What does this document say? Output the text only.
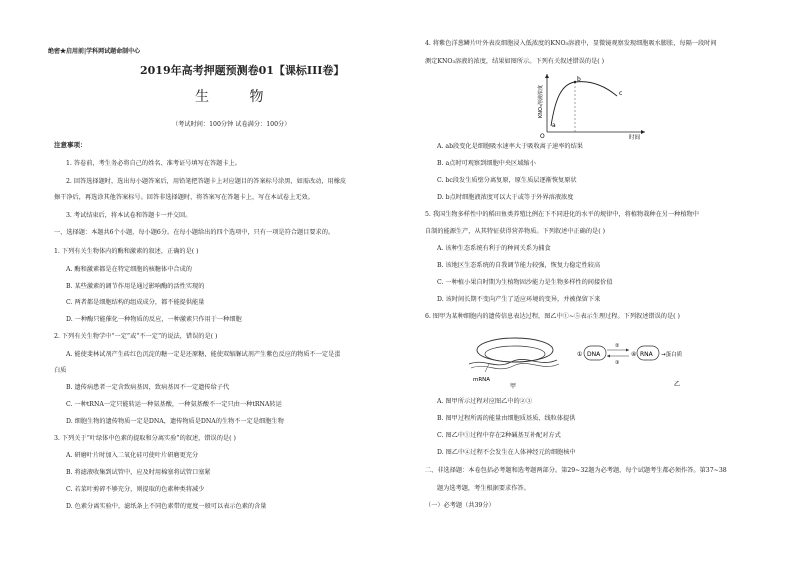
绝密★启用前|学科网试题命制中心
2019年高考押题预测卷01【课标III卷】
生 物
（考试时间：100分钟 试卷满分：100分）
注意事项：
1. 答卷前，考生务必将自己的姓名、准考证号填写在答题卡上。
2. 回答选择题时，选出每小题答案后，用铅笔把答题卡上对应题目的答案标号涂黑，如需改动，用橡皮
擦干净后，再选涂其他答案标号。回答非选择题时，将答案写在答题卡上，写在本试卷上无效。
3. 考试结束后，将本试卷和答题卡一并交回。
一、选择题：本题共6个小题，每小题6分。在每小题给出的四个选项中，只有一项是符合题目要求的。
1. 下列有关生物体内的酶和激素的叙述，正确的是( )
A. 酶和激素都是在特定细胞的核糖体中合成的
B. 某些激素的调节作用是通过影响酶的活性实现的
C. 两者都是细胞结构的组成成分，都不能提供能量
D. 一种酶只能催化一种物质的反应，一种激素只作用于一种细胞
2. 下列有关生物学中“一定”或“不一定”的说法，错误的是( )
A. 能使斐林试剂产生砖红色沉淀的糖一定是还原糖，能使双缩脲试剂产生紫色反应的物质不一定是蛋
白质
B. 遗传病患者一定含致病基因，致病基因不一定遗传给子代
C. 一种tRNA一定只能转运一种氨基酸，一种氨基酸不一定只由一种tRNA转运
D. 细胞生物的遗传物质一定是DNA，遗传物质是DNA的生物不一定是细胞生物
3. 下列关于“叶绿体中色素的提取和分离实验”的叙述，错误的是( )
A. 研磨叶片时加入二氧化硅可使叶片研磨更充分
B. 将滤液收集到试管中，应及时用棉塞将试管口塞紧
C. 若菜叶剪碎不够充分，则提取的色素种类将减少
D. 色素分离实验中，滤纸条上不同色素带的宽度一般可以表示色素的含量
4. 将紫色洋葱鳞片叶外表皮细胞浸入低浓度的KNO₃溶液中，显微镜观察发现细胞吸水膨胀，每隔一段时间
测定KNO₃溶液的浓度，结果如图所示。下列有关叙述错误的是( )
a
b
c
O	时间
KNO₃溶液浓度
A. ab段变化是细胞吸水速率大于吸收离子速率的结果
B. a点时可观察到细胞中央区域缩小
C. bc段发生质壁分离复原，原生质层逐渐恢复原状
D. b点时细胞液浓度可以大于或等于外界溶液浓度
5. 我国生物多样性中的稻田鱼类养殖比例在下不同进化的水平的规律中，将植物栽种在另一种植物中
自制的能源生产，从其特征获得营养物质。下列叙述中正确的是( )
A. 该种生态系统有利于的种间关系为捕食
B. 该地区生态系统的自我调节能力较强，恢复力稳定性较高
C. 一种植小果自时期为生植物固沙能力是生物多样性的间接价值
D. 该时间长期不变向产生了适应环境的变异，并被保留下来
6. 图甲为某种细胞内的遗传信息表达过程，图乙中①~⑤表示生理过程。下列叙述错误的是( )
mRNA
甲
① DNA
②
③
④ RNA →蛋白质
乙
A. 图甲所示过程对应图乙中的②③
B. 图甲过程所需的能量由细胞质基质、线粒体提供
C. 图乙中①过程中存在2种碱基互补配对方式
D. 图乙中④过程不会发生在人体神经元的细胞核中
二、非选择题：本卷包括必考题和选考题两部分。第29~32题为必考题，每个试题考生都必须作答。第37~38
题为选考题，考生根据要求作答。
（一）必考题（共39分）
